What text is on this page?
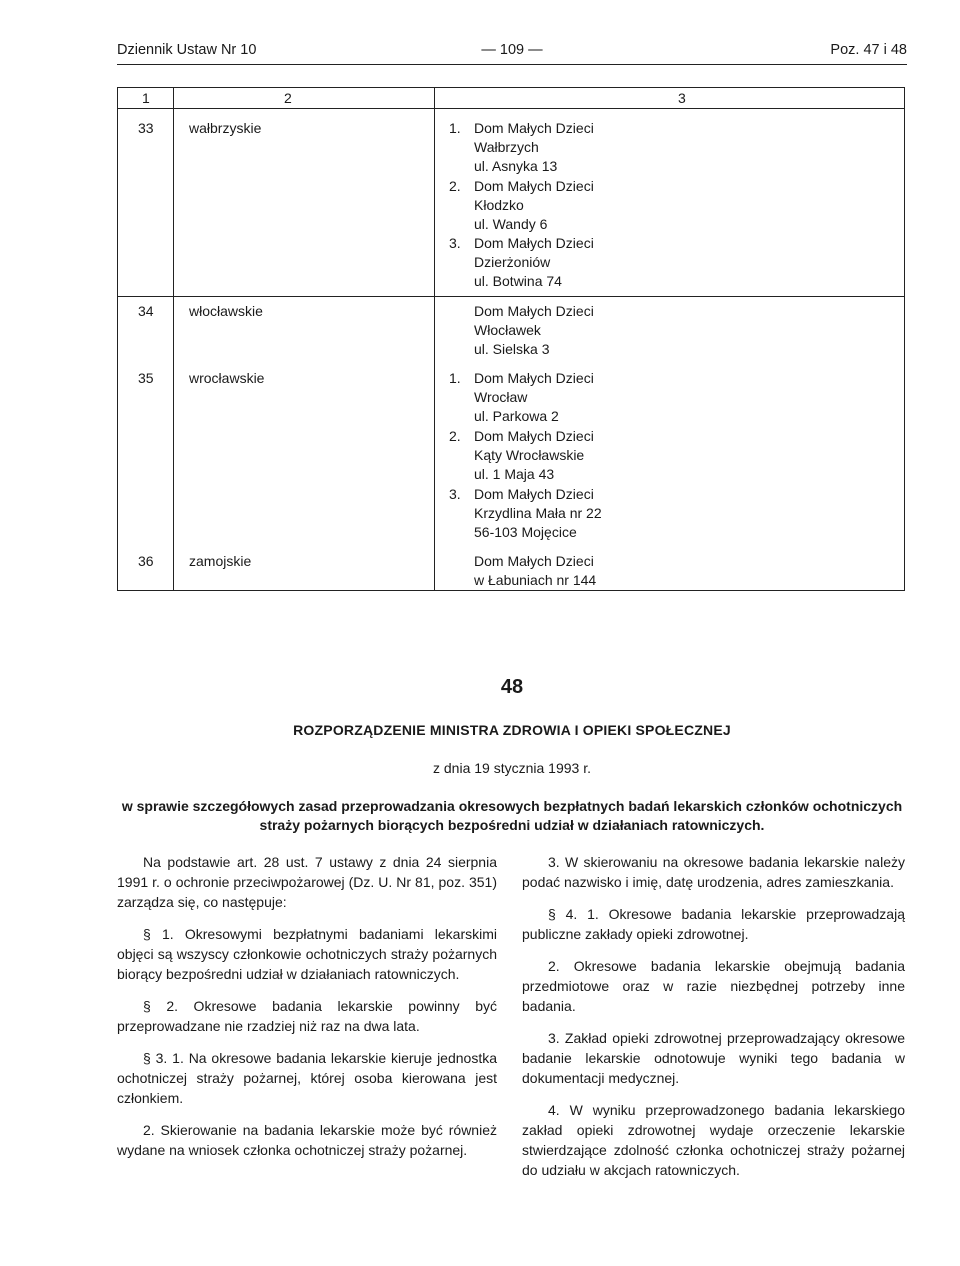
Dziennik Ustaw Nr 10	— 109 —	Poz. 47 i 48
1	2	3
33	wałbrzyskie	1. Dom Małych Dzieci
Wałbrzych
ul. Asnyka 13
2. Dom Małych Dzieci
Kłodzko
ul. Wandy 6
3. Dom Małych Dzieci
Dzierżoniów
ul. Botwina 74
34	włocławskie	Dom Małych Dzieci
Włocławek
ul. Sielska 3
35	wrocławskie	1. Dom Małych Dzieci
Wrocław
ul. Parkowa 2
2. Dom Małych Dzieci
Kąty Wrocławskie
ul. 1 Maja 43
3. Dom Małych Dzieci
Krzydlina Mała nr 22
56-103 Mojęcice
36	zamojskie	Dom Małych Dzieci
w Łabuniach nr 144
48
ROZPORZĄDZENIE MINISTRA ZDROWIA I OPIEKI SPOŁECZNEJ
z dnia 19 stycznia 1993 r.
w sprawie szczegółowych zasad przeprowadzania okresowych bezpłatnych badań lekarskich członków ochotniczych straży pożarnych biorących bezpośredni udział w działaniach ratowniczych.

Na podstawie art. 28 ust. 7 ustawy z dnia 24 sierpnia 1991 r. o ochronie przeciwpożarowej (Dz. U. Nr 81, poz. 351) zarządza się, co następuje:

§ 1. Okresowymi bezpłatnymi badaniami lekarskimi objęci są wszyscy członkowie ochotniczych straży pożarnych biorący bezpośredni udział w działaniach ratowniczych.

§ 2. Okresowe badania lekarskie powinny być przeprowadzane nie rzadziej niż raz na dwa lata.

§ 3. 1. Na okresowe badania lekarskie kieruje jednostka ochotniczej straży pożarnej, której osoba kierowana jest członkiem.

2. Skierowanie na badania lekarskie może być również wydane na wniosek członka ochotniczej straży pożarnej.

3. W skierowaniu na okresowe badania lekarskie należy podać nazwisko i imię, datę urodzenia, adres zamieszkania.

§ 4. 1. Okresowe badania lekarskie przeprowadzają publiczne zakłady opieki zdrowotnej.

2. Okresowe badania lekarskie obejmują badania przedmiotowe oraz w razie niezbędnej potrzeby inne badania.

3. Zakład opieki zdrowotnej przeprowadzający okresowe badanie lekarskie odnotowuje wyniki tego badania w dokumentacji medycznej.

4. W wyniku przeprowadzonego badania lekarskiego zakład opieki zdrowotnej wydaje orzeczenie lekarskie stwierdzające zdolność członka ochotniczej straży pożarnej do udziału w akcjach ratowniczych.
